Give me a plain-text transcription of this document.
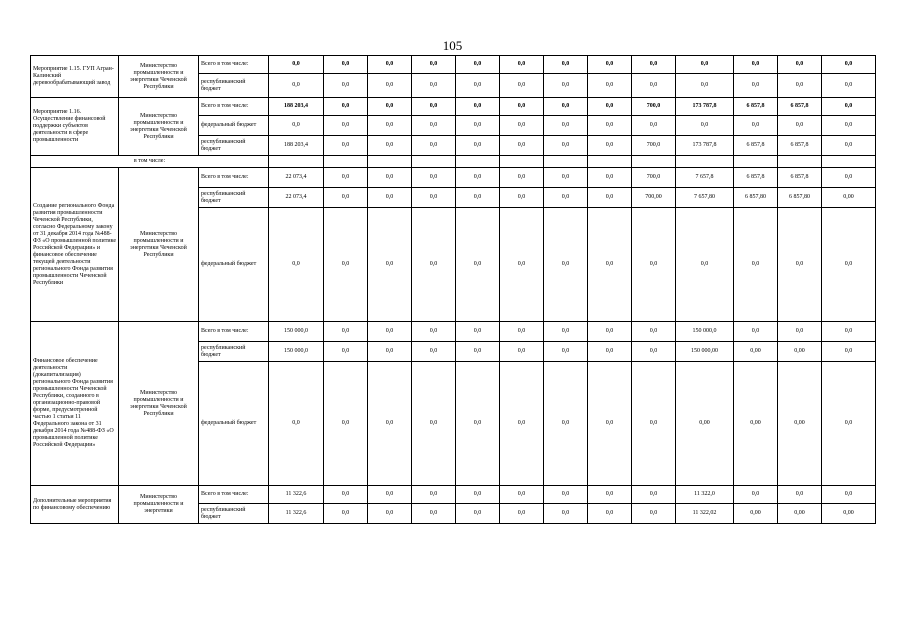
105
Мероприятие 1.15. ГУП Агран-Калинский деревообрабатывающий завод	Министерство промышленности и энергетики Чеченской Республики	Всего в том числе:	0,0	0,0	0,0	0,0	0,0	0,0	0,0	0,0	0,0	0,0	0,0	0,0	0,0
		республиканский бюджет	0,0	0,0	0,0	0,0	0,0	0,0	0,0	0,0	0,0	0,0	0,0	0,0	0,0
Мероприятие 1.16. Осуществление финансовой поддержки субъектов деятельности в сфере промышленности	Министерство промышленности и энергетики Чеченской Республики	Всего в том числе:	188 203,4	0,0	0,0	0,0	0,0	0,0	0,0	0,0	700,0	173 787,8	6 857,8	6 857,8	0,0
		федеральный бюджет	0,0	0,0	0,0	0,0	0,0	0,0	0,0	0,0	0,0	0,0	0,0	0,0	0,0
		республиканский бюджет	188 203,4	0,0	0,0	0,0	0,0	0,0	0,0	0,0	700,0	173 787,8	6 857,8	6 857,8	0,0
в том числе:															
Создание регионального Фонда развития промышленности Чеченской Республики, согласно Федеральному закону от 31 декабря 2014 года №488-ФЗ «О промышленной политике Российской Федерации» и финансовое обеспечение текущей деятельности регионального Фонда развития промышленности Чеченской Республики	Министерство промышленности и энергетики Чеченской Республики	Всего в том числе:	22 073,4	0,0	0,0	0,0	0,0	0,0	0,0	0,0	700,0	7 657,8	6 857,8	6 857,8	0,0
		республиканский бюджет	22 073,4	0,0	0,0	0,0	0,0	0,0	0,0	0,0	700,00	7 657,80	6 857,80	6 857,80	0,00
		федеральный бюджет	0,0	0,0	0,0	0,0	0,0	0,0	0,0	0,0	0,0	0,0	0,0	0,0	0,0
Финансовое обеспечение деятельности (докапитализация) регионального Фонда развития промышленности Чеченской Республики, созданного в организационно-правовой форме, предусмотренной частью 1 статьи 11 Федерального закона от 31 декабря 2014 года №488-ФЗ «О промышленной политике Российской Федерации»	Министерство промышленности и энергетики Чеченской Республики	Всего в том числе:	150 000,0	0,0	0,0	0,0	0,0	0,0	0,0	0,0	0,0	150 000,0	0,0	0,0	0,0
		республиканский бюджет	150 000,0	0,0	0,0	0,0	0,0	0,0	0,0	0,0	0,0	150 000,00	0,00	0,00	0,0
		федеральный бюджет	0,0	0,0	0,0	0,0	0,0	0,0	0,0	0,0	0,0	0,00	0,00	0,00	0,0
Дополнительные мероприятия по финансовому обеспечению	Министерство промышленности и энергетики	Всего в том числе:	11 322,6	0,0	0,0	0,0	0,0	0,0	0,0	0,0	0,0	11 322,0	0,0	0,0	0,0
		республиканский бюджет	11 322,6	0,0	0,0	0,0	0,0	0,0	0,0	0,0	0,0	11 322,02	0,00	0,00	0,00
